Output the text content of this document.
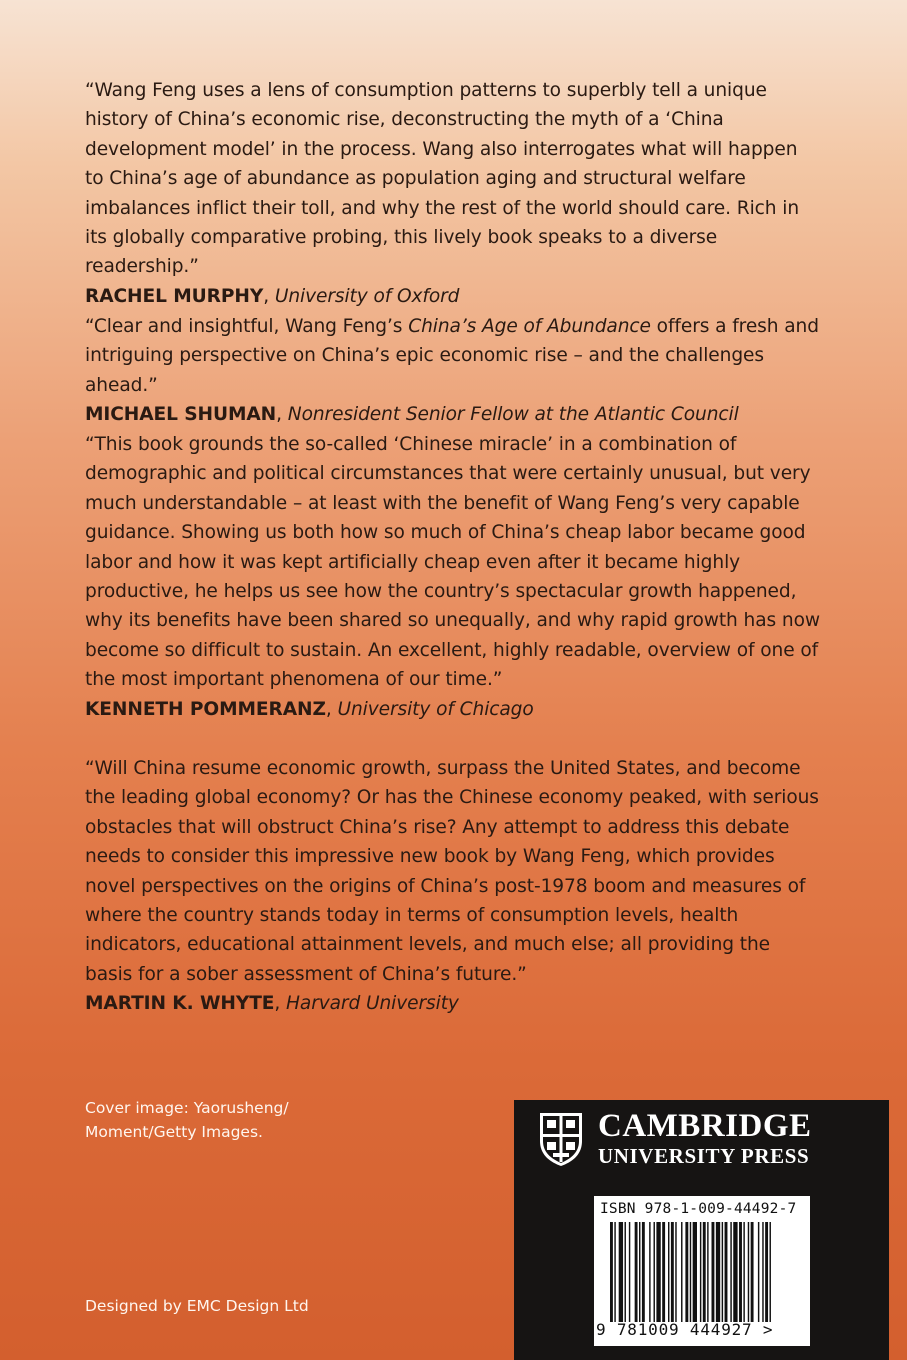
“Wang Feng uses a lens of consumption patterns to superbly tell a unique history of China’s economic rise, deconstructing the myth of a ‘China development model’ in the process. Wang also interrogates what will happen to China’s age of abundance as population aging and structural welfare imbalances inflict their toll, and why the rest of the world should care. Rich in its globally comparative probing, this lively book speaks to a diverse readership.”

RACHEL MURPHY, University of Oxford

“Clear and insightful, Wang Feng’s China’s Age of Abundance offers a fresh and intriguing perspective on China’s epic economic rise – and the challenges ahead.”

MICHAEL SHUMAN, Nonresident Senior Fellow at the Atlantic Council

“This book grounds the so-called ‘Chinese miracle’ in a combination of demographic and political circumstances that were certainly unusual, but very much understandable – at least with the benefit of Wang Feng’s very capable guidance. Showing us both how so much of China’s cheap labor became good labor and how it was kept artificially cheap even after it became highly productive, he helps us see how the country’s spectacular growth happened, why its benefits have been shared so unequally, and why rapid growth has now become so difficult to sustain. An excellent, highly readable, overview of one of the most important phenomena of our time.”

KENNETH POMMERANZ, University of Chicago

“Will China resume economic growth, surpass the United States, and become the leading global economy? Or has the Chinese economy peaked, with serious obstacles that will obstruct China’s rise? Any attempt to address this debate needs to consider this impressive new book by Wang Feng, which provides novel perspectives on the origins of China’s post-1978 boom and measures of where the country stands today in terms of consumption levels, health indicators, educational attainment levels, and much else; all providing the basis for a sober assessment of China’s future.”

MARTIN K. WHYTE, Harvard University

Cover image: Yaorusheng/ Moment/Getty Images.
Designed by EMC Design Ltd
CAMBRIDGE
UNIVERSITY PRESS
ISBN 978-1-009-44492-7
9 781009 444927 >
